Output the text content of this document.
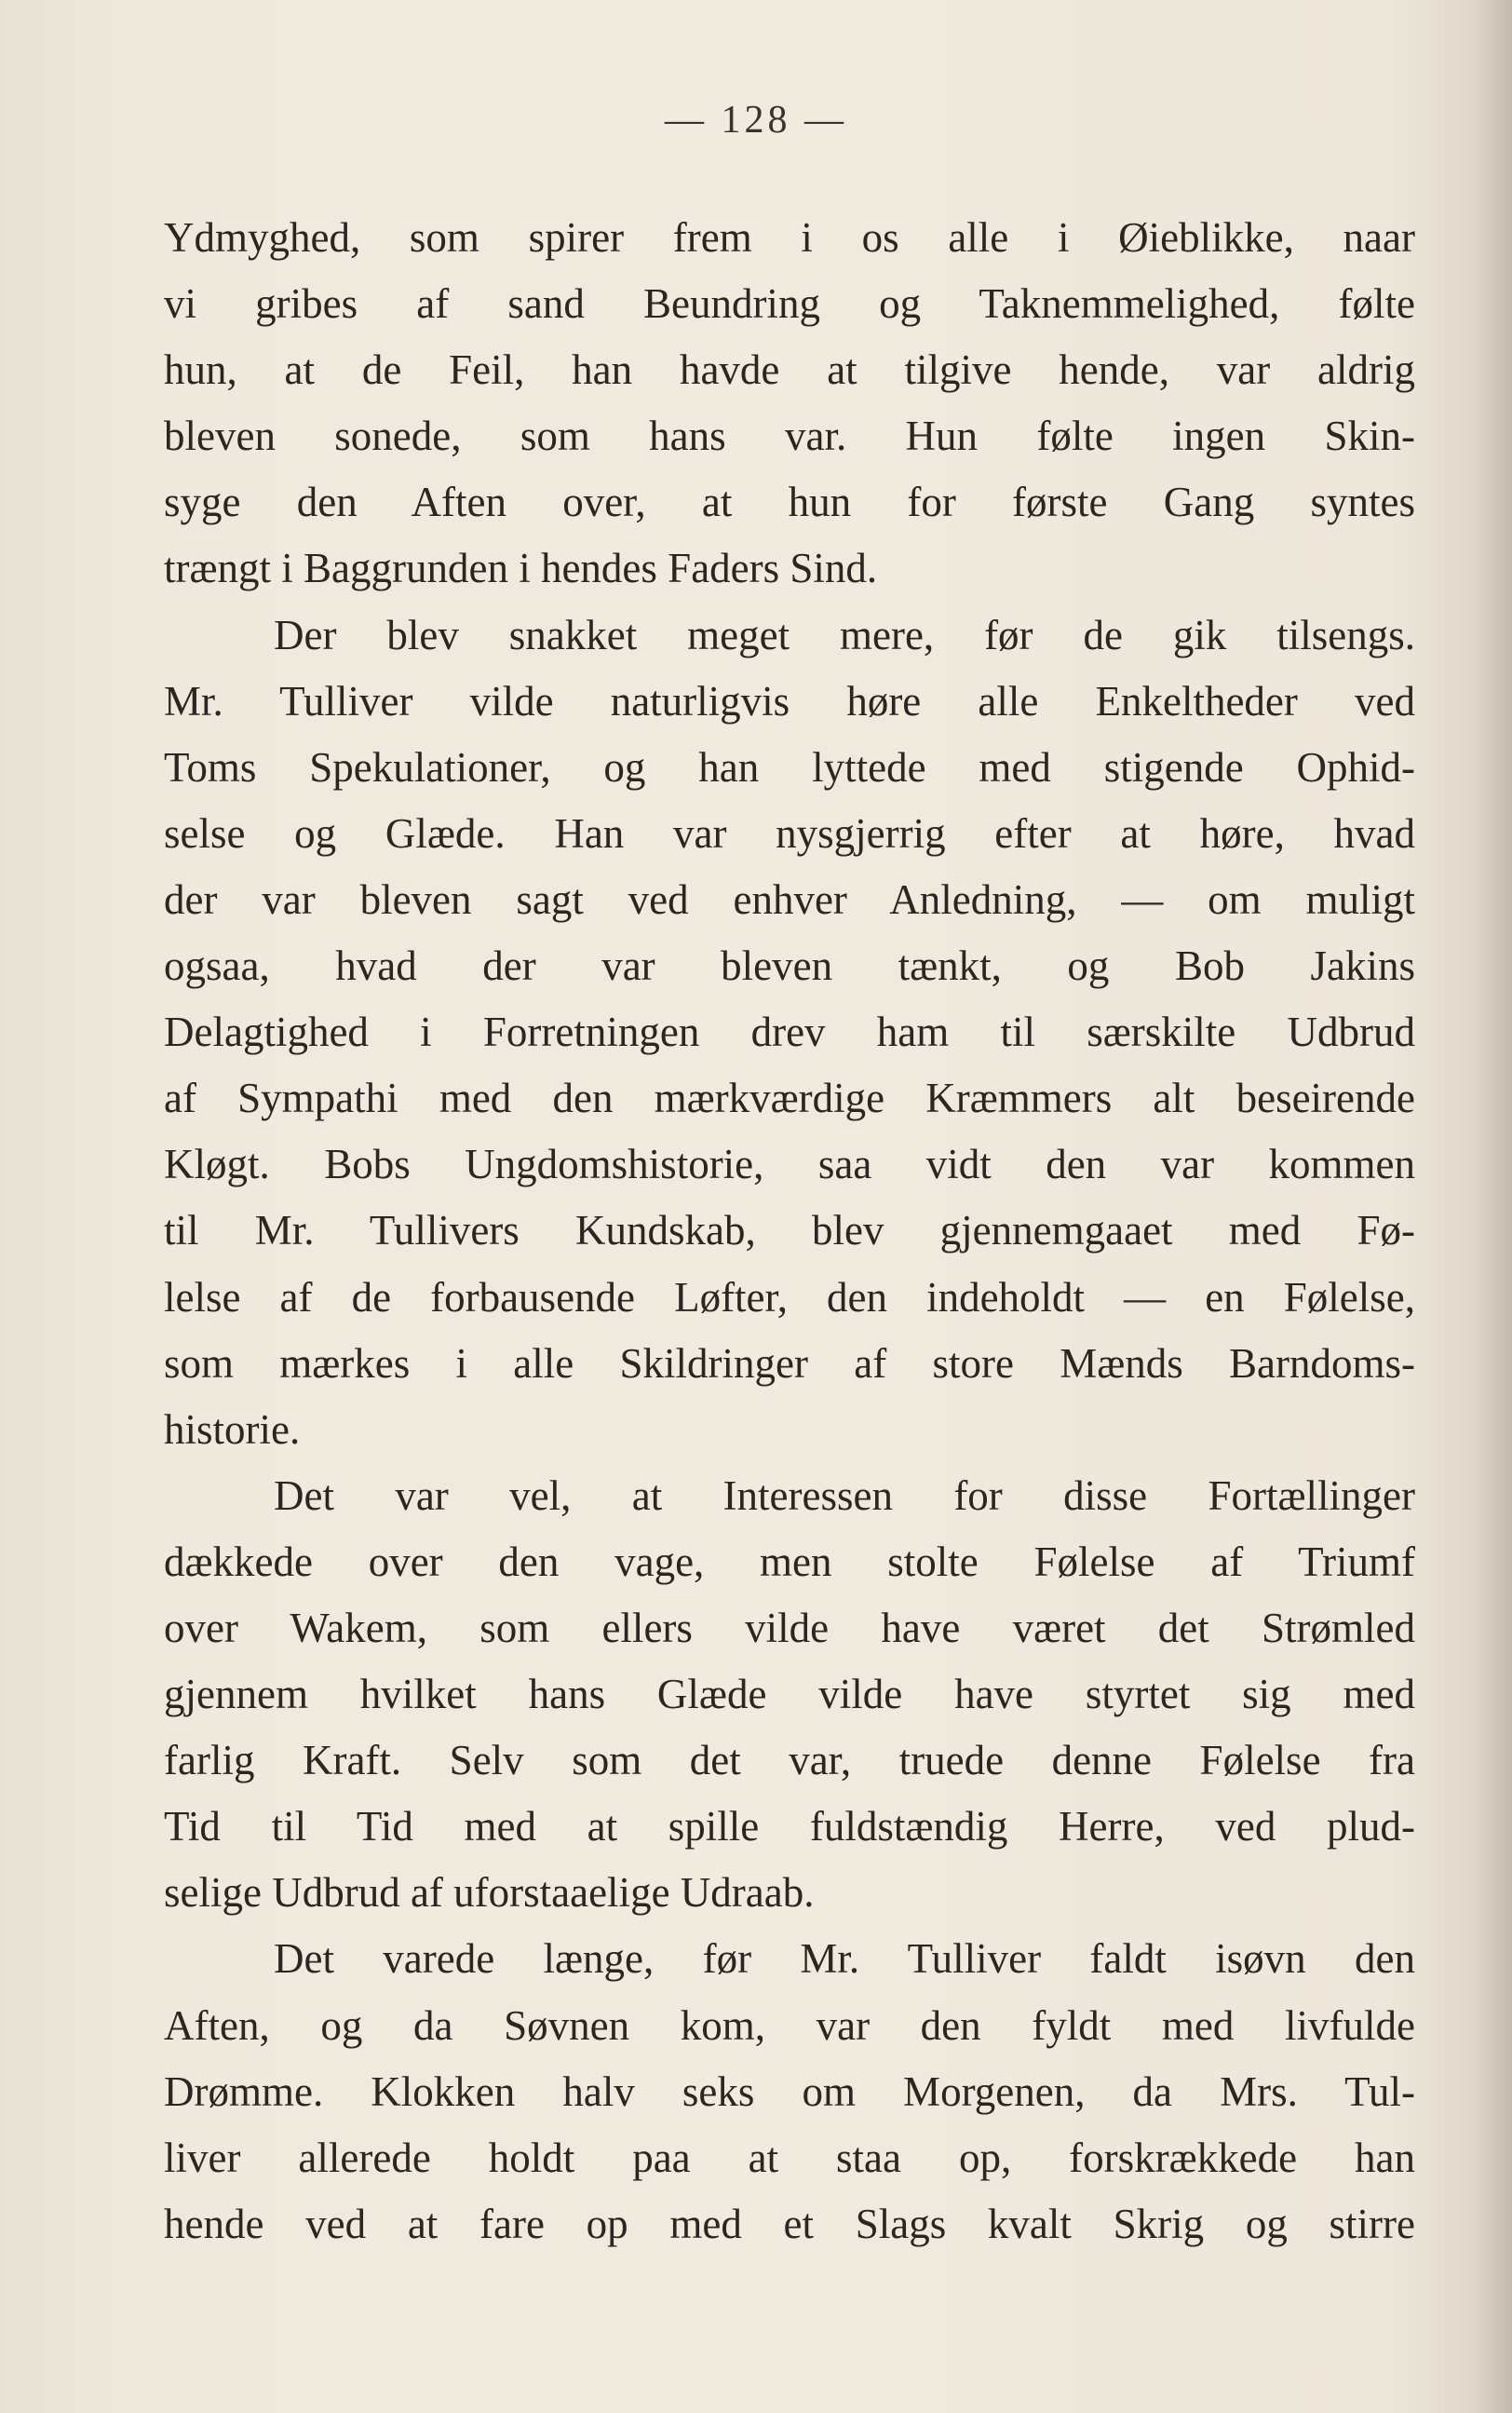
— 128 —
Ydmyghed, som spirer frem i os alle i Øieblikke, naar
vi gribes af sand Beundring og Taknemmelighed, følte
hun, at de Feil, han havde at tilgive hende, var aldrig
bleven sonede, som hans var. Hun følte ingen Skin-
syge den Aften over, at hun for første Gang syntes
trængt i Baggrunden i hendes Faders Sind.
Der blev snakket meget mere, før de gik tilsengs.
Mr. Tulliver vilde naturligvis høre alle Enkeltheder ved
Toms Spekulationer, og han lyttede med stigende Ophid-
selse og Glæde. Han var nysgjerrig efter at høre, hvad
der var bleven sagt ved enhver Anledning, — om muligt
ogsaa, hvad der var bleven tænkt, og Bob Jakins
Delagtighed i Forretningen drev ham til særskilte Udbrud
af Sympathi med den mærkværdige Kræmmers alt beseirende
Kløgt. Bobs Ungdomshistorie, saa vidt den var kommen
til Mr. Tullivers Kundskab, blev gjennemgaaet med Fø-
lelse af de forbausende Løfter, den indeholdt — en Følelse,
som mærkes i alle Skildringer af store Mænds Barndoms-
historie.
Det var vel, at Interessen for disse Fortællinger
dækkede over den vage, men stolte Følelse af Triumf
over Wakem, som ellers vilde have været det Strømled
gjennem hvilket hans Glæde vilde have styrtet sig med
farlig Kraft. Selv som det var, truede denne Følelse fra
Tid til Tid med at spille fuldstændig Herre, ved plud-
selige Udbrud af uforstaaelige Udraab.
Det varede længe, før Mr. Tulliver faldt isøvn den
Aften, og da Søvnen kom, var den fyldt med livfulde
Drømme. Klokken halv seks om Morgenen, da Mrs. Tul-
liver allerede holdt paa at staa op, forskrækkede han
hende ved at fare op med et Slags kvalt Skrig og stirre
